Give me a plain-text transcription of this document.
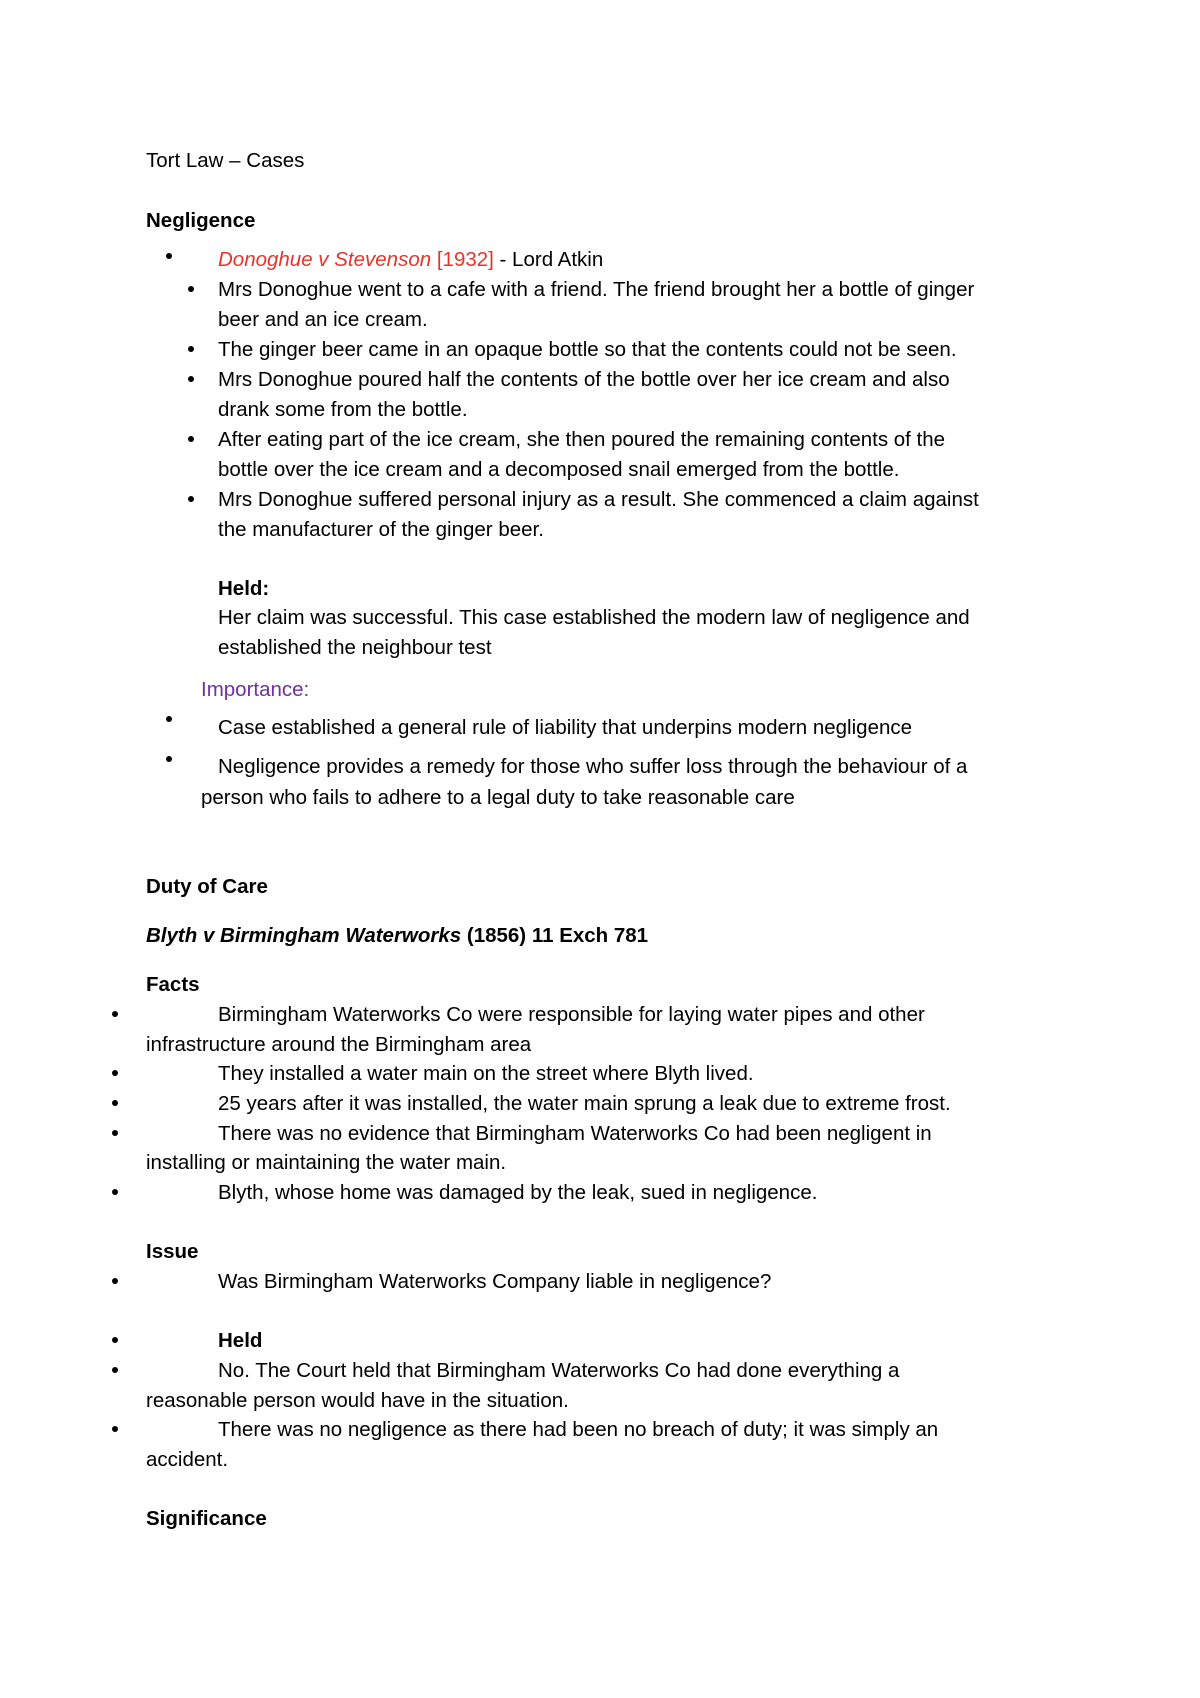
Tort Law – Cases
Negligence
Donoghue v Stevenson [1932] - Lord Atkin
Mrs Donoghue went to a cafe with a friend. The friend brought her a bottle of ginger
beer and an ice cream.
The ginger beer came in an opaque bottle so that the contents could not be seen.
Mrs Donoghue poured half the contents of the bottle over her ice cream and also
drank some from the bottle.
After eating part of the ice cream, she then poured the remaining contents of the
bottle over the ice cream and a decomposed snail emerged from the bottle.
Mrs Donoghue suffered personal injury as a result. She commenced a claim against
the manufacturer of the ginger beer.
Held:
Her claim was successful. This case established the modern law of negligence and
established the neighbour test
Importance:
Case established a general rule of liability that underpins modern negligence
Negligence provides a remedy for those who suffer loss through the behaviour of a
person who fails to adhere to a legal duty to take reasonable care
Duty of Care
Blyth v Birmingham Waterworks (1856) 11 Exch 781
Facts
Birmingham Waterworks Co were responsible for laying water pipes and other
infrastructure around the Birmingham area
They installed a water main on the street where Blyth lived.
25 years after it was installed, the water main sprung a leak due to extreme frost.
There was no evidence that Birmingham Waterworks Co had been negligent in
installing or maintaining the water main.
Blyth, whose home was damaged by the leak, sued in negligence.
Issue
Was Birmingham Waterworks Company liable in negligence?
Held
No. The Court held that Birmingham Waterworks Co had done everything a
reasonable person would have in the situation.
There was no negligence as there had been no breach of duty; it was simply an
accident.
Significance
